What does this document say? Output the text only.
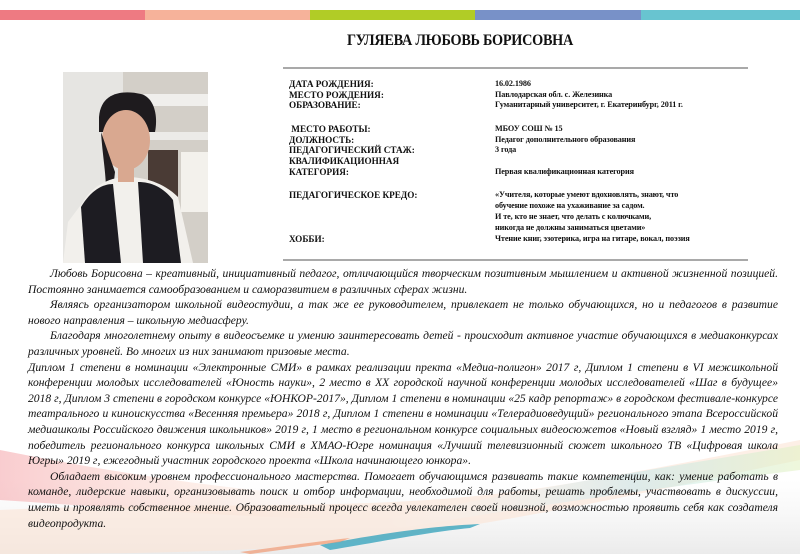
ГУЛЯЕВА ЛЮБОВЬ БОРИСОВНА
ДАТА РОЖДЕНИЯ:	16.02.1986
МЕСТО РОЖДЕНИЯ:	Павлодарская обл. с. Железинка
ОБРАЗОВАНИЕ:	Гуманитарный университет, г. Екатеринбург, 2011 г.
МЕСТО РАБОТЫ:	МБОУ СОШ № 15
ДОЛЖНОСТЬ:	Педагог дополнительного образования
ПЕДАГОГИЧЕСКИЙ СТАЖ:	3 года
КВАЛИФИКАЦИОННАЯ
КАТЕГОРИЯ:	Первая квалификационная категория
ПЕДАГОГИЧЕСКОЕ КРЕДО:	«Учителя, которые умеют вдохновлять, знают, что
обучение похоже на ухаживание за садом.
И те, кто не знает, что делать с колючками,
никогда не должны заниматься цветами»
ХОББИ:	Чтение книг, эзотерика, игра на гитаре, вокал, поэзия

Любовь Борисовна – креативный, инициативный педагог, отличающийся творческим позитивным мышлением и активной жизненной позицией. Постоянно занимается самообразованием и саморазвитием в различных сферах жизни.

Являясь организатором школьной видеостудии, а так же ее руководителем, привлекает не только обучающихся, но и педагогов в развитие нового направления – школьную медиасферу.

Благодаря многолетнему опыту в видеосъемке и умению заинтересовать детей - происходит активное участие обучающихся в медиаконкурсах различных уровней. Во многих из них занимают призовые места.

Диплом 1 степени в номинации «Электронные СМИ» в рамках реализации пректа «Медиа-полигон» 2017 г, Диплом 1 степени в VI межшкольной конференции молодых исследователей «Юность науки», 2 место в XX городской научной конференции молодых исследователей «Шаг в будущее» 2018 г, Диплом 3 степени в городском конкурсе «ЮНКОР-2017», Диплом 1 степени в номинации «25 кадр репортаж» в городском фестивале-конкурсе театрального и киноискусства «Весенняя премьера» 2018 г, Диплом 1 степени в номинации «Телерадиоведущий» регионального этапа Всероссийской медиашколы Российского движения школьников» 2019 г, 1 место в региональном конкурсе социальных видеосюжетов «Новый взгляд» 1 место 2019 г, победитель регионального конкурса школьных СМИ в ХМАО-Югре номинация «Лучший телевизионный сюжет школьного ТВ «Цифровая школа Югры» 2019 г, ежегодный участник городского проекта «Школа начинающего юнкора».

Обладает высоким уровнем профессионального мастерства. Помогает обучающимся развивать такие компетенции, как: умение работать в команде, лидерские навыки, организовывать поиск и отбор информации, необходимой для работы, решать проблемы, участвовать в дискуссии, иметь и проявлять собственное мнение. Образовательный процесс всегда увлекателен своей новизной, возможностью проявить себя как создателя видеопродукта.
